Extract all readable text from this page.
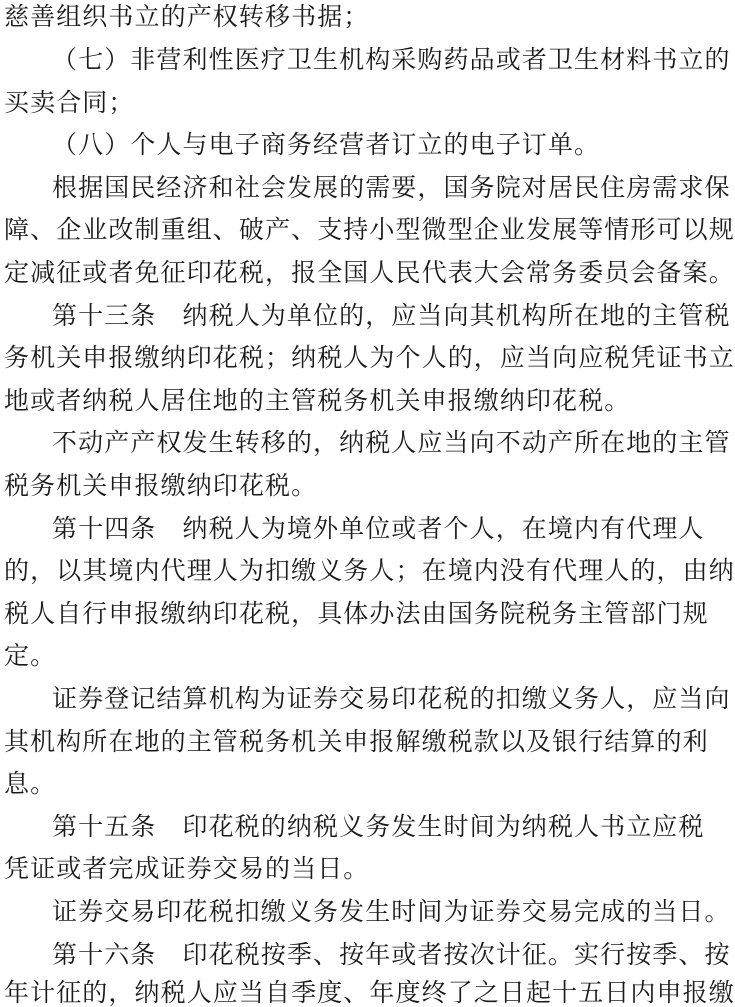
慈善组织书立的产权转移书据；
（七）非营利性医疗卫生机构采购药品或者卫生材料书立的
买卖合同；
（八）个人与电子商务经营者订立的电子订单。
根据国民经济和社会发展的需要，国务院对居民住房需求保
障、企业改制重组、破产、支持小型微型企业发展等情形可以规
定减征或者免征印花税，报全国人民代表大会常务委员会备案。
第十三条　纳税人为单位的，应当向其机构所在地的主管税
务机关申报缴纳印花税；纳税人为个人的，应当向应税凭证书立
地或者纳税人居住地的主管税务机关申报缴纳印花税。
不动产产权发生转移的，纳税人应当向不动产所在地的主管
税务机关申报缴纳印花税。
第十四条　纳税人为境外单位或者个人，在境内有代理人
的，以其境内代理人为扣缴义务人；在境内没有代理人的，由纳
税人自行申报缴纳印花税，具体办法由国务院税务主管部门规
定。
证券登记结算机构为证券交易印花税的扣缴义务人，应当向
其机构所在地的主管税务机关申报解缴税款以及银行结算的利
息。
第十五条　印花税的纳税义务发生时间为纳税人书立应税
凭证或者完成证券交易的当日。
证券交易印花税扣缴义务发生时间为证券交易完成的当日。
第十六条　印花税按季、按年或者按次计征。实行按季、按
年计征的，纳税人应当自季度、年度终了之日起十五日内申报缴
